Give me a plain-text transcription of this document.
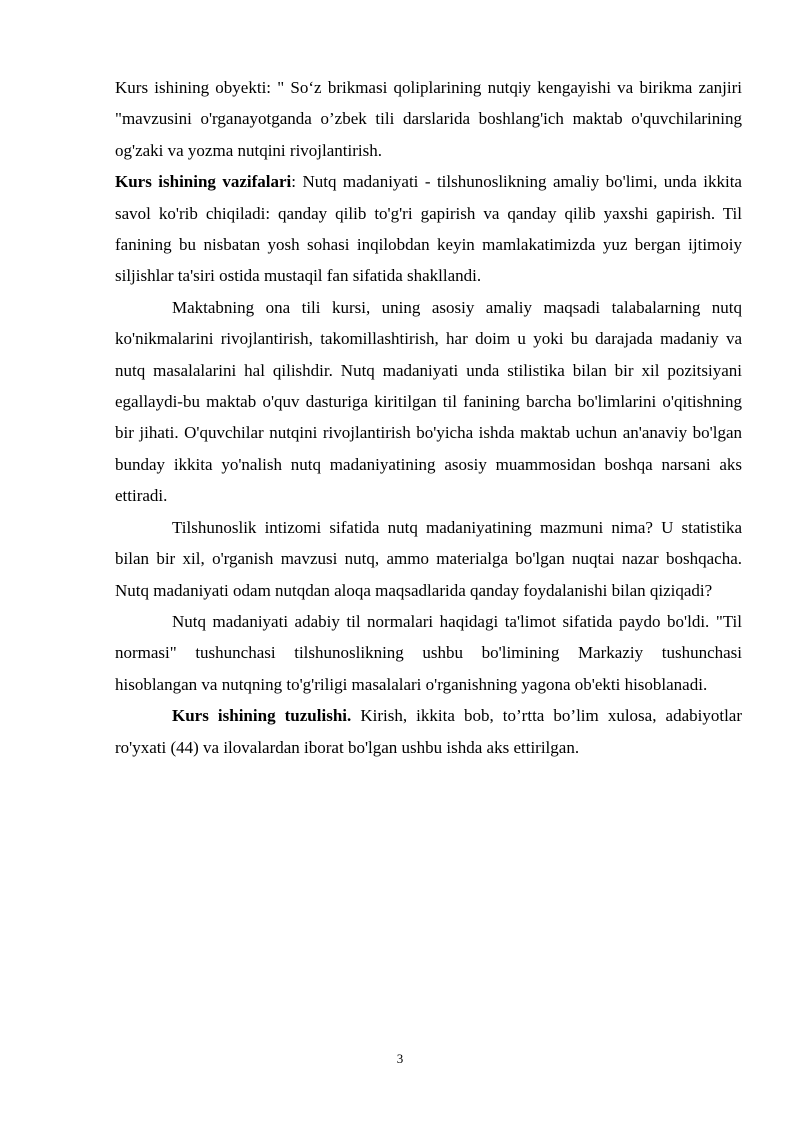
Kurs ishining obyekti: " So‘z brikmasi qoliplarining nutqiy kengayishi va birikma zanjiri "mavzusini o'rganayotganda o’zbek tili darslarida boshlang'ich maktab o'quvchilarining og'zaki va yozma nutqini rivojlantirish.

Kurs ishining vazifalari: Nutq madaniyati - tilshunoslikning amaliy bo'limi, unda ikkita savol ko'rib chiqiladi: qanday qilib to'g'ri gapirish va qanday qilib yaxshi gapirish. Til fanining bu nisbatan yosh sohasi inqilobdan keyin mamlakatimizda yuz bergan ijtimoiy siljishlar ta'siri ostida mustaqil fan sifatida shakllandi.

Maktabning ona tili kursi, uning asosiy amaliy maqsadi talabalarning nutq ko'nikmalarini rivojlantirish, takomillashtirish, har doim u yoki bu darajada madaniy va nutq masalalarini hal qilishdir. Nutq madaniyati unda stilistika bilan bir xil pozitsiyani egallaydi-bu maktab o'quv dasturiga kiritilgan til fanining barcha bo'limlarini o'qitishning bir jihati. O'quvchilar nutqini rivojlantirish bo'yicha ishda maktab uchun an'anaviy bo'lgan bunday ikkita yo'nalish nutq madaniyatining asosiy muammosidan boshqa narsani aks ettiradi.

Tilshunoslik intizomi sifatida nutq madaniyatining mazmuni nima? U statistika bilan bir xil, o'rganish mavzusi nutq, ammo materialga bo'lgan nuqtai nazar boshqacha. Nutq madaniyati odam nutqdan aloqa maqsadlarida qanday foydalanishi bilan qiziqadi?

Nutq madaniyati adabiy til normalari haqidagi ta'limot sifatida paydo bo'ldi. "Til normasi" tushunchasi tilshunoslikning ushbu bo'limining Markaziy tushunchasi hisoblangan va nutqning to'g'riligi masalalari o'rganishning yagona ob'ekti hisoblanadi.

Kurs ishining tuzulishi. Kirish, ikkita bob, to’rtta bo’lim xulosa, adabiyotlar ro'yxati (44) va ilovalardan iborat bo'lgan ushbu ishda aks ettirilgan.

3
